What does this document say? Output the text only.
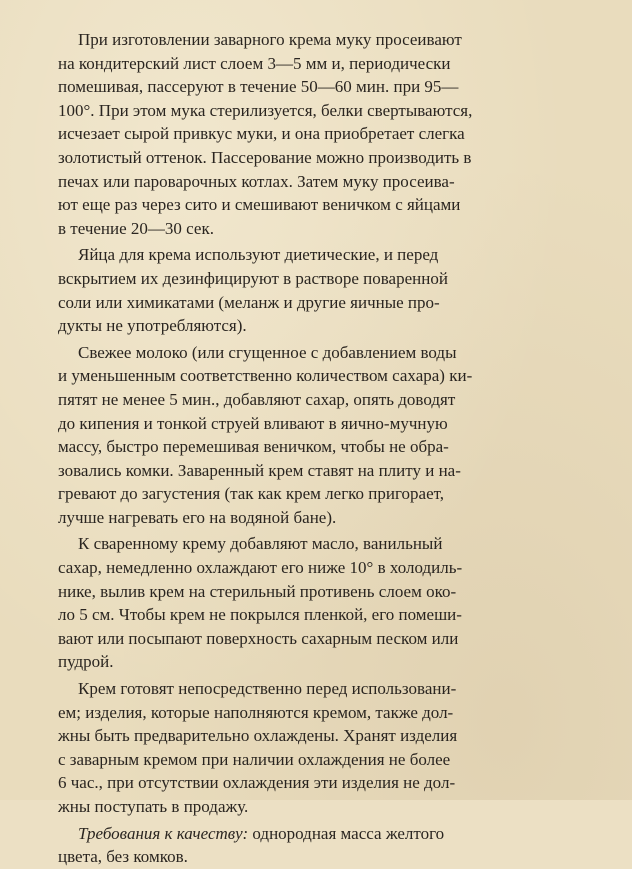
При изготовлении заварного крема муку просеивают
на кондитерский лист слоем 3—5 мм и, периодически
помешивая, пассеруют в течение 50—60 мин. при 95—
100°. При этом мука стерилизуется, белки свертываются,
исчезает сырой привкус муки, и она приобретает слегка
золотистый оттенок. Пассерование можно производить в
печах или пароварочных котлах. Затем муку просеива-
ют еще раз через сито и смешивают веничком с яйцами
в течение 20—30 сек.
Яйца для крема используют диетические, и перед
вскрытием их дезинфицируют в растворе поваренной
соли или химикатами (меланж и другие яичные про-
дукты не употребляются).
Свежее молоко (или сгущенное с добавлением воды
и уменьшенным соответственно количеством сахара) ки-
пятят не менее 5 мин., добавляют сахар, опять доводят
до кипения и тонкой струей вливают в яично-мучную
массу, быстро перемешивая веничком, чтобы не обра-
зовались комки. Заваренный крем ставят на плиту и на-
гревают до загустения (так как крем легко пригорает,
лучше нагревать его на водяной бане).
К сваренному крему добавляют масло, ванильный
сахар, немедленно охлаждают его ниже 10° в холодиль-
нике, вылив крем на стерильный противень слоем око-
ло 5 см. Чтобы крем не покрылся пленкой, его помеши-
вают или посыпают поверхность сахарным песком или
пудрой.
Крем готовят непосредственно перед использовани-
ем; изделия, которые наполняются кремом, также дол-
жны быть предварительно охлаждены. Хранят изделия
с заварным кремом при наличии охлаждения не более
6 час., при отсутствии охлаждения эти изделия не дол-
жны поступать в продажу.
Требования к качеству: однородная масса желтого
цвета, без комков.
